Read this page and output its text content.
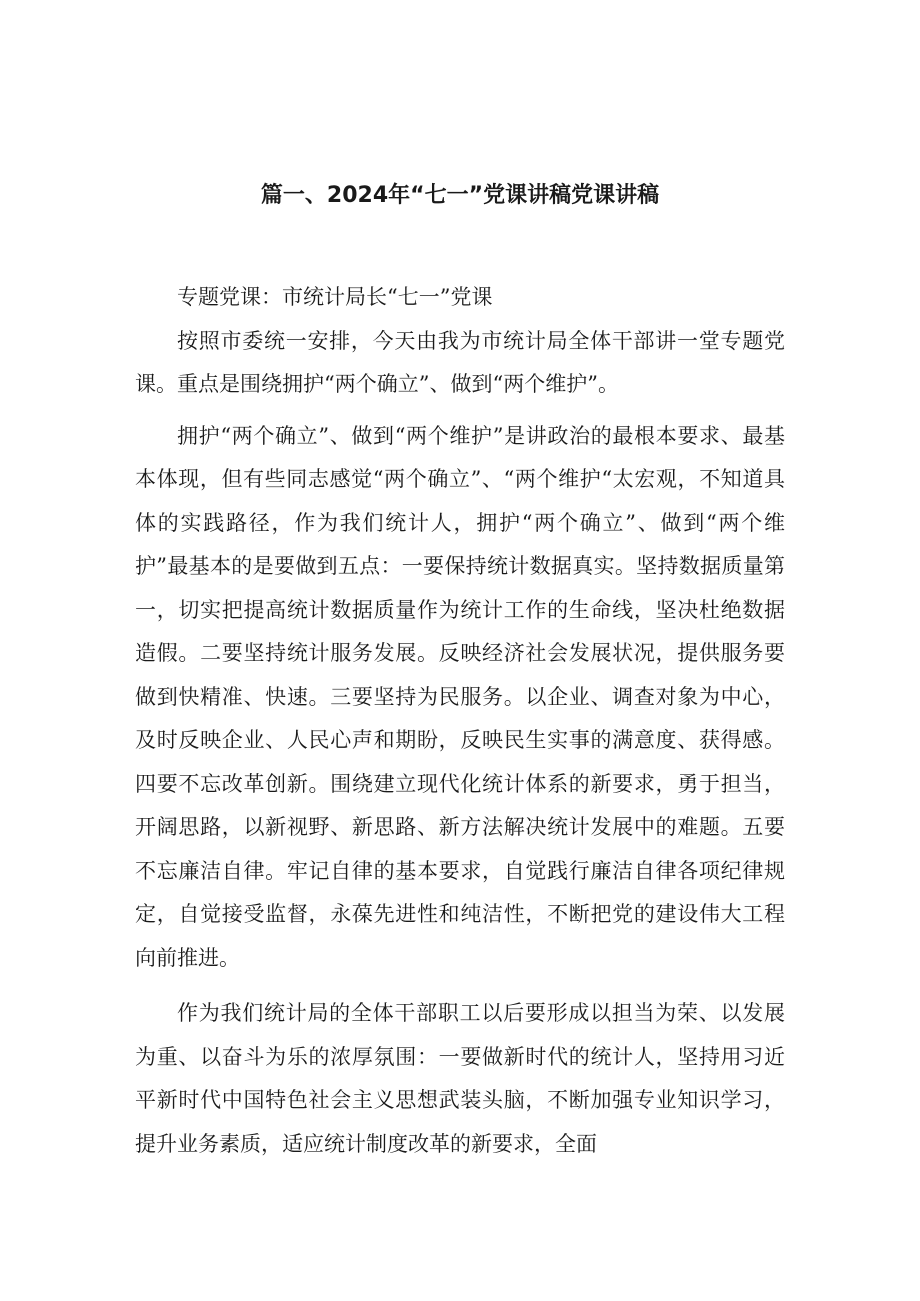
篇一、2024年“七一”党课讲稿党课讲稿

专题党课：市统计局长“七一”党课

按照市委统一安排，今天由我为市统计局全体干部讲一堂专题党课。重点是围绕拥护“两个确立”、做到“两个维护”。

拥护“两个确立”、做到“两个维护”是讲政治的最根本要求、最基本体现，但有些同志感觉“两个确立”、“两个维护“太宏观，不知道具体的实践路径，作为我们统计人，拥护“两个确立”、做到“两个维护”最基本的是要做到五点：一要保持统计数据真实。坚持数据质量第一，切实把提高统计数据质量作为统计工作的生命线，坚决杜绝数据造假。二要坚持统计服务发展。反映经济社会发展状况，提供服务要做到快精准、快速。三要坚持为民服务。以企业、调查对象为中心，及时反映企业、人民心声和期盼，反映民生实事的满意度、获得感。四要不忘改革创新。围绕建立现代化统计体系的新要求，勇于担当，开阔思路，以新视野、新思路、新方法解决统计发展中的难题。五要不忘廉洁自律。牢记自律的基本要求，自觉践行廉洁自律各项纪律规定，自觉接受监督，永葆先进性和纯洁性，不断把党的建设伟大工程向前推进。

作为我们统计局的全体干部职工以后要形成以担当为荣、以发展为重、以奋斗为乐的浓厚氛围：一要做新时代的统计人，坚持用习近平新时代中国特色社会主义思想武装头脑，不断加强专业知识学习，提升业务素质，适应统计制度改革的新要求，全面
